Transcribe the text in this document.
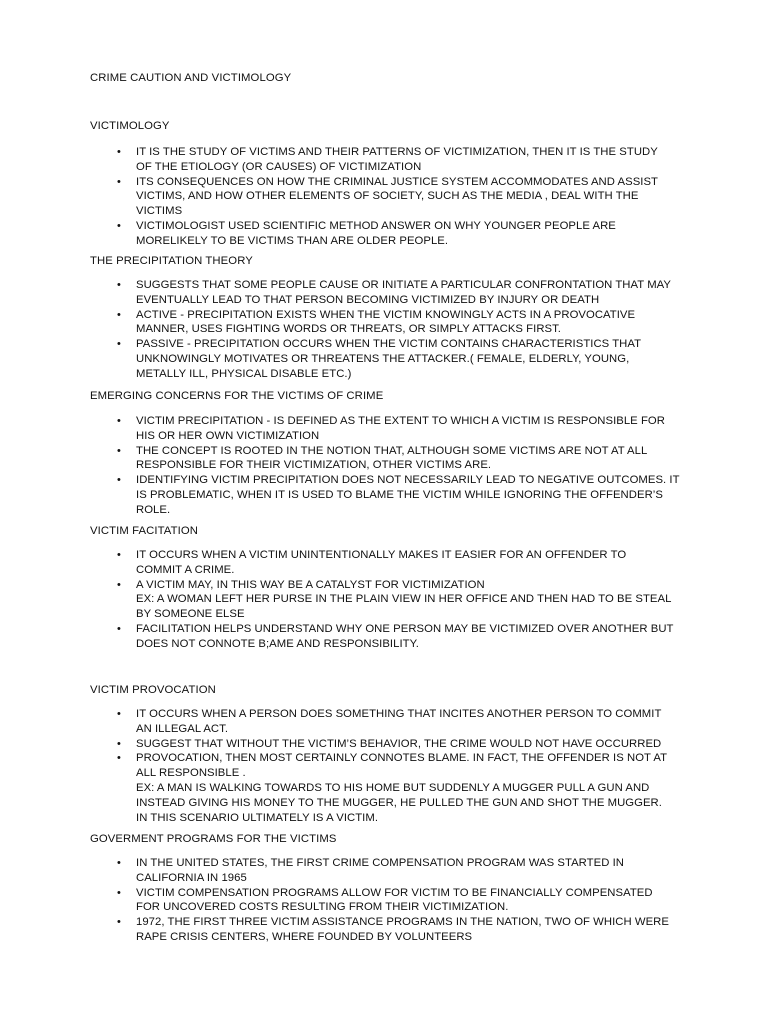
CRIME CAUTION AND VICTIMOLOGY

VICTIMOLOGY

• IT IS THE STUDY OF VICTIMS AND THEIR PATTERNS OF VICTIMIZATION, THEN IT IS THE STUDY
OF THE ETIOLOGY (OR CAUSES) OF VICTIMIZATION
• ITS CONSEQUENCES ON HOW THE CRIMINAL JUSTICE SYSTEM ACCOMMODATES AND ASSIST
VICTIMS, AND HOW OTHER ELEMENTS OF SOCIETY, SUCH AS THE MEDIA , DEAL WITH THE
VICTIMS
• VICTIMOLOGIST USED SCIENTIFIC METHOD ANSWER ON WHY YOUNGER PEOPLE ARE
MORELIKELY TO BE VICTIMS THAN ARE OLDER PEOPLE.

THE PRECIPITATION THEORY

• SUGGESTS THAT SOME PEOPLE CAUSE OR INITIATE A PARTICULAR CONFRONTATION THAT MAY
EVENTUALLY LEAD TO THAT PERSON BECOMING VICTIMIZED BY INJURY OR DEATH
• ACTIVE - PRECIPITATION EXISTS WHEN THE VICTIM KNOWINGLY ACTS IN A PROVOCATIVE
MANNER, USES FIGHTING WORDS OR THREATS, OR SIMPLY ATTACKS FIRST.
• PASSIVE - PRECIPITATION OCCURS WHEN THE VICTIM CONTAINS CHARACTERISTICS THAT
UNKNOWINGLY MOTIVATES OR THREATENS THE ATTACKER.( FEMALE, ELDERLY, YOUNG,
METALLY ILL, PHYSICAL DISABLE ETC.)

EMERGING CONCERNS FOR THE VICTIMS OF CRIME

• VICTIM PRECIPITATION - IS DEFINED AS THE EXTENT TO WHICH A VICTIM IS RESPONSIBLE FOR
HIS OR HER OWN VICTIMIZATION
• THE CONCEPT IS ROOTED IN THE NOTION THAT, ALTHOUGH SOME VICTIMS ARE NOT AT ALL
RESPONSIBLE FOR THEIR VICTIMIZATION, OTHER VICTIMS ARE.
• IDENTIFYING VICTIM PRECIPITATION DOES NOT NECESSARILY LEAD TO NEGATIVE OUTCOMES. IT
IS PROBLEMATIC, WHEN IT IS USED TO BLAME THE VICTIM WHILE IGNORING THE OFFENDER’S
ROLE.

VICTIM FACITATION

• IT OCCURS WHEN A VICTIM UNINTENTIONALLY MAKES IT EASIER FOR AN OFFENDER TO
COMMIT A CRIME.
• A VICTIM MAY, IN THIS WAY BE A CATALYST FOR VICTIMIZATION
EX: A WOMAN LEFT HER PURSE IN THE PLAIN VIEW IN HER OFFICE AND THEN HAD TO BE STEAL
BY SOMEONE ELSE
• FACILITATION HELPS UNDERSTAND WHY ONE PERSON MAY BE VICTIMIZED OVER ANOTHER BUT
DOES NOT CONNOTE B;AME AND RESPONSIBILITY.

VICTIM PROVOCATION

• IT OCCURS WHEN A PERSON DOES SOMETHING THAT INCITES ANOTHER PERSON TO COMMIT
AN ILLEGAL ACT.
• SUGGEST THAT WITHOUT THE VICTIM’S BEHAVIOR, THE CRIME WOULD NOT HAVE OCCURRED
• PROVOCATION, THEN MOST CERTAINLY CONNOTES BLAME. IN FACT, THE OFFENDER IS NOT AT
ALL RESPONSIBLE .
EX: A MAN IS WALKING TOWARDS TO HIS HOME BUT SUDDENLY A MUGGER PULL A GUN AND
INSTEAD GIVING HIS MONEY TO THE MUGGER, HE PULLED THE GUN AND SHOT THE MUGGER.
IN THIS SCENARIO ULTIMATELY IS A VICTIM.

GOVERMENT PROGRAMS FOR THE VICTIMS

• IN THE UNITED STATES, THE FIRST CRIME COMPENSATION PROGRAM WAS STARTED IN
CALIFORNIA IN 1965
• VICTIM COMPENSATION PROGRAMS ALLOW FOR VICTIM TO BE FINANCIALLY COMPENSATED
FOR UNCOVERED COSTS RESULTING FROM THEIR VICTIMIZATION.
• 1972, THE FIRST THREE VICTIM ASSISTANCE PROGRAMS IN THE NATION, TWO OF WHICH WERE
RAPE CRISIS CENTERS, WHERE FOUNDED BY VOLUNTEERS
